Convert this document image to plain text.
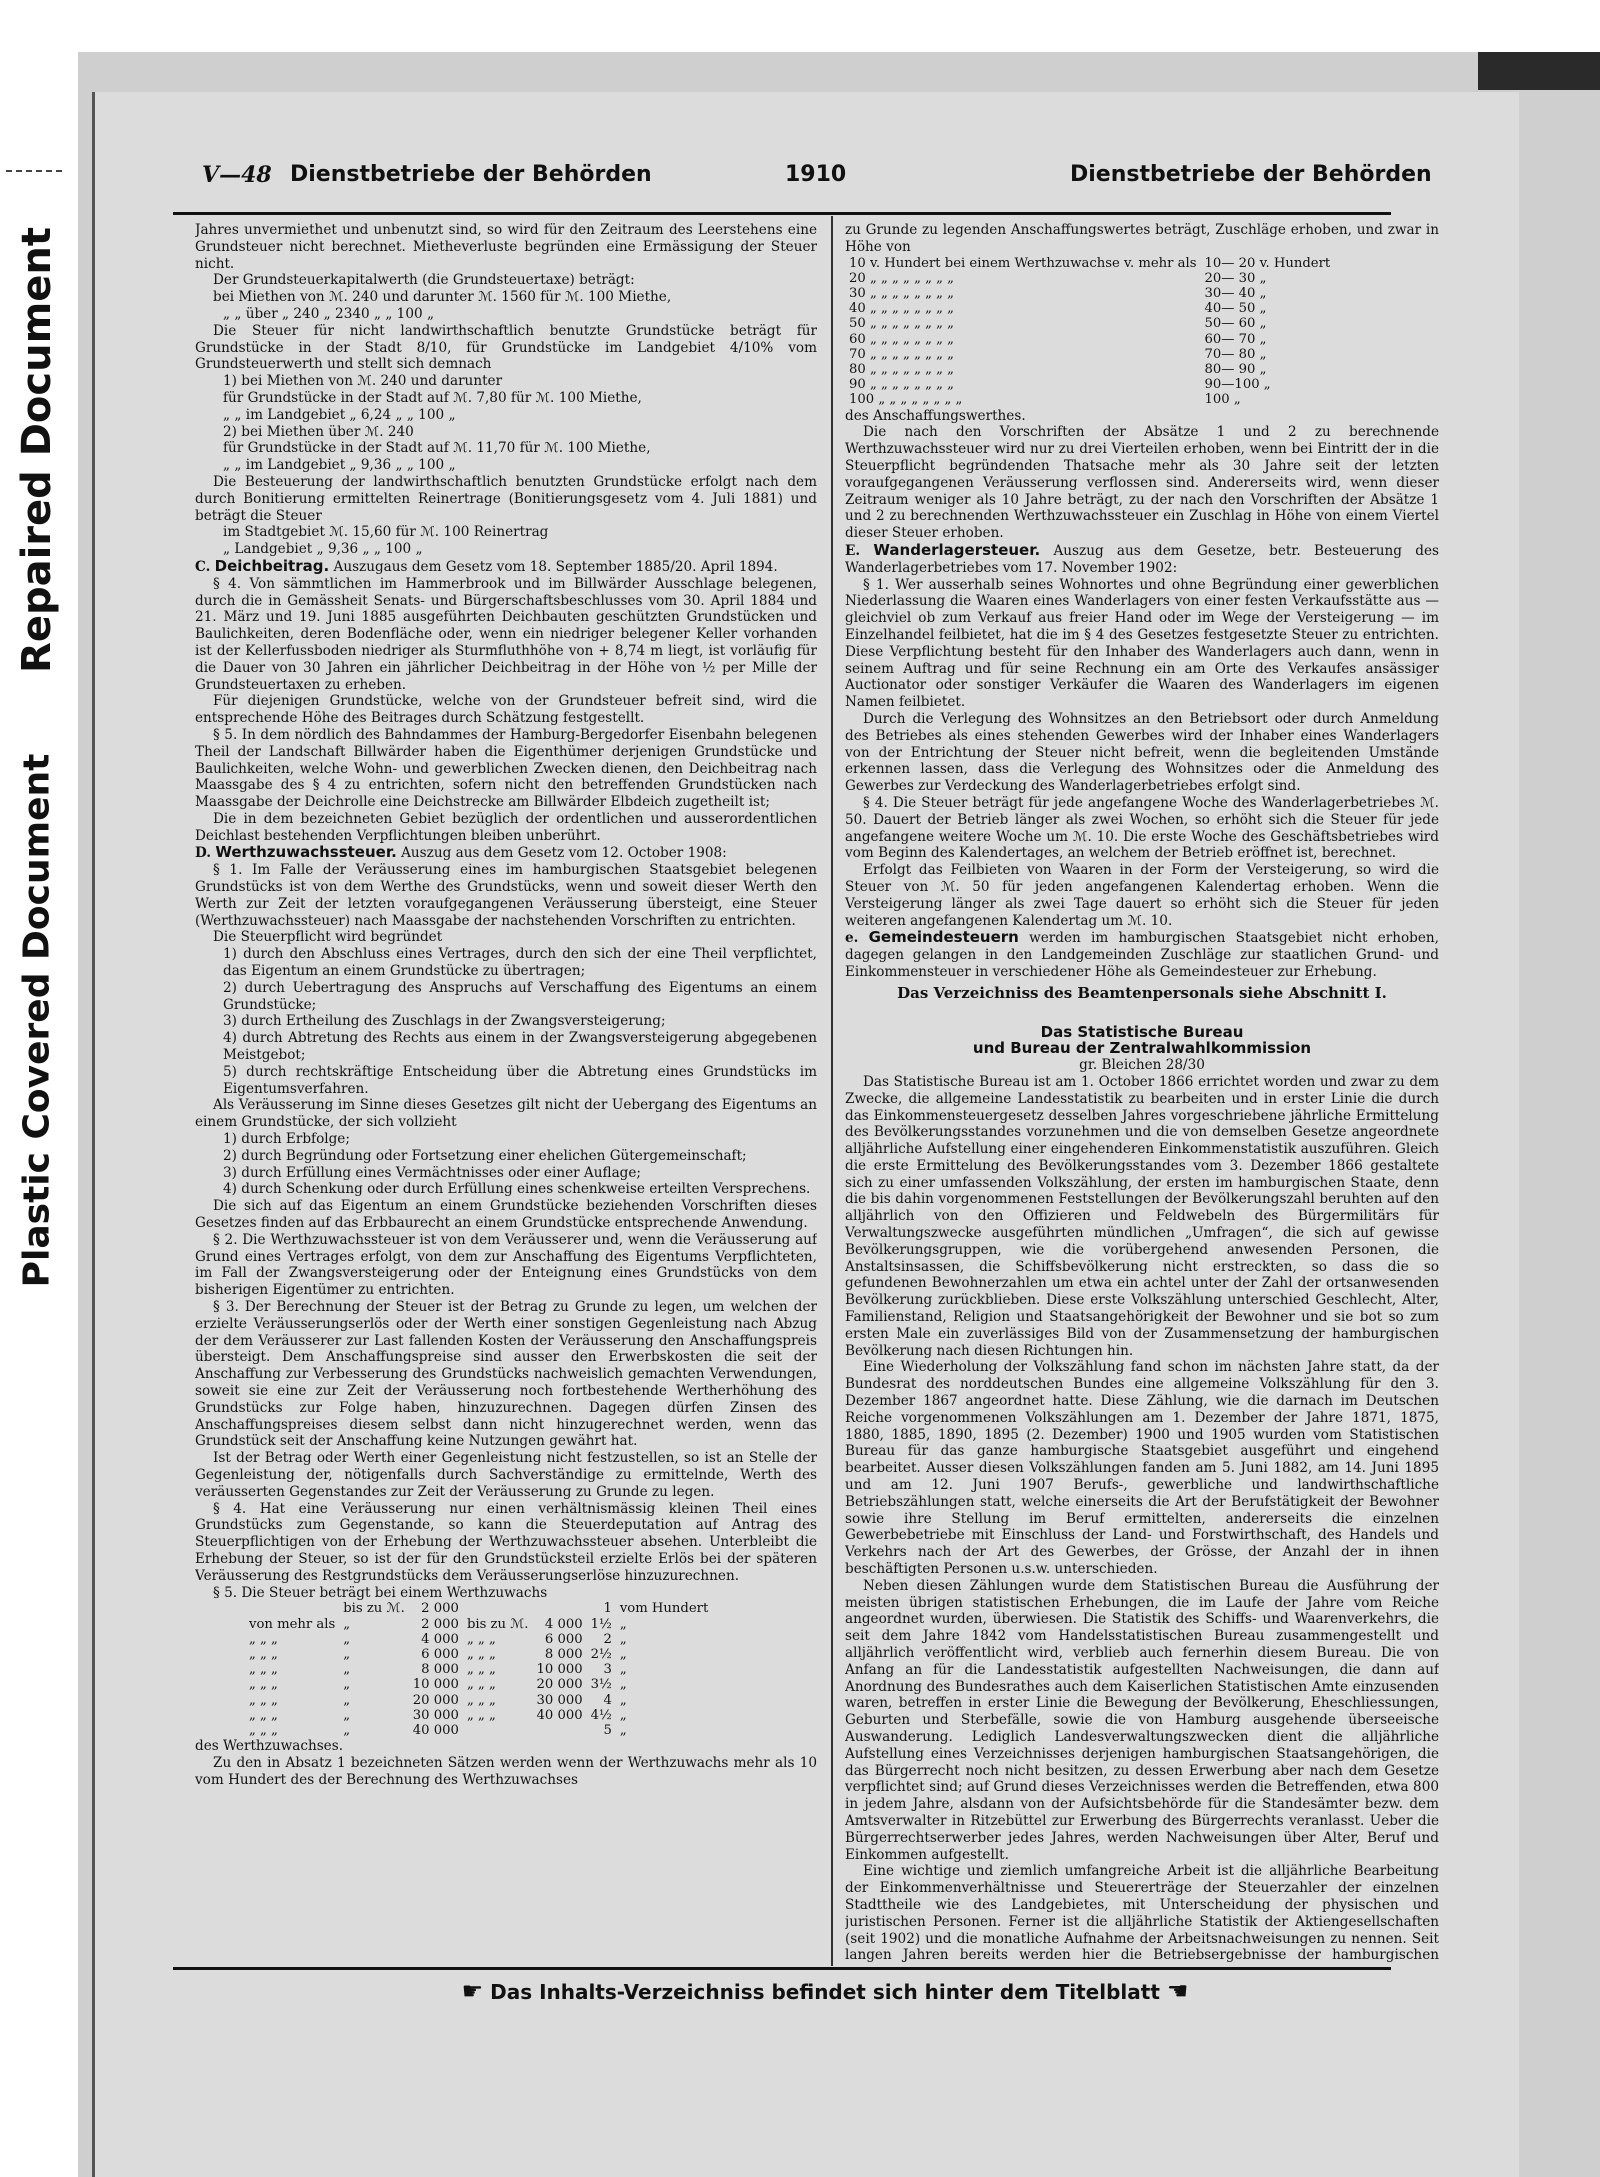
Repaired Document
Plastic Covered Document
V—48 Dienstbetriebe der Behörden	1910	Dienstbetriebe der Behörden

Jahres unvermiethet und unbenutzt sind, so wird für den Zeitraum des Leerstehens eine Grundsteuer nicht berechnet. Mietheverluste begründen eine Ermässigung der Steuer nicht.

Der Grundsteuerkapitalwerth (die Grundsteuertaxe) beträgt:

bei Miethen von ℳ. 240 und darunter ℳ. 1560 für ℳ. 100 Miethe,

„ „ über „ 240 „ 2340 „ „ 100 „

Die Steuer für nicht landwirthschaftlich benutzte Grundstücke beträgt für Grundstücke in der Stadt 8/10, für Grundstücke im Landgebiet 4/10% vom Grundsteuerwerth und stellt sich demnach

1) bei Miethen von ℳ. 240 und darunter

für Grundstücke in der Stadt auf ℳ. 7,80 für ℳ. 100 Miethe,

„ „ im Landgebiet „ 6,24 „ „ 100 „

2) bei Miethen über ℳ. 240

für Grundstücke in der Stadt auf ℳ. 11,70 für ℳ. 100 Miethe,

„ „ im Landgebiet „ 9,36 „ „ 100 „

Die Besteuerung der landwirthschaftlich benutzten Grundstücke erfolgt nach dem durch Bonitierung ermittelten Reinertrage (Bonitierungsgesetz vom 4. Juli 1881) und beträgt die Steuer

im Stadtgebiet ℳ. 15,60 für ℳ. 100 Reinertrag

„ Landgebiet „ 9,36 „ „ 100 „

C. Deichbeitrag. Auszugaus dem Gesetz vom 18. September 1885/20. April 1894.

§ 4. Von sämmtlichen im Hammerbrook und im Billwärder Ausschlage belegenen, durch die in Gemässheit Senats- und Bürgerschaftsbeschlusses vom 30. April 1884 und 21. März und 19. Juni 1885 ausgeführten Deichbauten geschützten Grundstücken und Baulichkeiten, deren Bodenfläche oder, wenn ein niedriger belegener Keller vorhanden ist der Kellerfussboden niedriger als Sturmfluthhöhe von + 8,74 m liegt, ist vorläufig für die Dauer von 30 Jahren ein jährlicher Deichbeitrag in der Höhe von ½ per Mille der Grundsteuertaxen zu erheben.

Für diejenigen Grundstücke, welche von der Grundsteuer befreit sind, wird die entsprechende Höhe des Beitrages durch Schätzung festgestellt.

§ 5. In dem nördlich des Bahndammes der Hamburg-Bergedorfer Eisenbahn belegenen Theil der Landschaft Billwärder haben die Eigenthümer derjenigen Grundstücke und Baulichkeiten, welche Wohn- und gewerblichen Zwecken dienen, den Deichbeitrag nach Maassgabe des § 4 zu entrichten, sofern nicht den betreffenden Grundstücken nach Maassgabe der Deichrolle eine Deichstrecke am Billwärder Elbdeich zugetheilt ist;

Die in dem bezeichneten Gebiet bezüglich der ordentlichen und ausserordentlichen Deichlast bestehenden Verpflichtungen bleiben unberührt.

D. Werthzuwachssteuer. Auszug aus dem Gesetz vom 12. October 1908:

§ 1. Im Falle der Veräusserung eines im hamburgischen Staatsgebiet belegenen Grundstücks ist von dem Werthe des Grundstücks, wenn und soweit dieser Werth den Werth zur Zeit der letzten voraufgegangenen Veräusserung übersteigt, eine Steuer (Werthzuwachssteuer) nach Maassgabe der nachstehenden Vorschriften zu entrichten.

Die Steuerpflicht wird begründet

1) durch den Abschluss eines Vertrages, durch den sich der eine Theil verpflichtet, das Eigentum an einem Grundstücke zu übertragen;

2) durch Uebertragung des Anspruchs auf Verschaffung des Eigentums an einem Grundstücke;

3) durch Ertheilung des Zuschlags in der Zwangsversteigerung;

4) durch Abtretung des Rechts aus einem in der Zwangsversteigerung abgegebenen Meistgebot;

5) durch rechtskräftige Entscheidung über die Abtretung eines Grundstücks im Eigentumsverfahren.

Als Veräusserung im Sinne dieses Gesetzes gilt nicht der Uebergang des Eigentums an einem Grundstücke, der sich vollzieht

1) durch Erbfolge;

2) durch Begründung oder Fortsetzung einer ehelichen Gütergemeinschaft;

3) durch Erfüllung eines Vermächtnisses oder einer Auflage;

4) durch Schenkung oder durch Erfüllung eines schenkweise erteilten Versprechens.

Die sich auf das Eigentum an einem Grundstücke beziehenden Vorschriften dieses Gesetzes finden auf das Erbbaurecht an einem Grundstücke entsprechende Anwendung.

§ 2. Die Werthzuwachssteuer ist von dem Veräusserer und, wenn die Veräusserung auf Grund eines Vertrages erfolgt, von dem zur Anschaffung des Eigentums Verpflichteten, im Fall der Zwangsversteigerung oder der Enteignung eines Grundstücks von dem bisherigen Eigentümer zu entrichten.

§ 3. Der Berechnung der Steuer ist der Betrag zu Grunde zu legen, um welchen der erzielte Veräusserungserlös oder der Werth einer sonstigen Gegenleistung nach Abzug der dem Veräusserer zur Last fallenden Kosten der Veräusserung den Anschaffungspreis übersteigt. Dem Anschaffungspreise sind ausser den Erwerbskosten die seit der Anschaffung zur Verbesserung des Grundstücks nachweislich gemachten Verwendungen, soweit sie eine zur Zeit der Veräusserung noch fortbestehende Wertherhöhung des Grundstücks zur Folge haben, hinzuzurechnen. Dagegen dürfen Zinsen des Anschaffungspreises diesem selbst dann nicht hinzugerechnet werden, wenn das Grundstück seit der Anschaffung keine Nutzungen gewährt hat.

Ist der Betrag oder Werth einer Gegenleistung nicht festzustellen, so ist an Stelle der Gegenleistung der, nötigenfalls durch Sachverständige zu ermittelnde, Werth des veräusserten Gegenstandes zur Zeit der Veräusserung zu Grunde zu legen.

§ 4. Hat eine Veräusserung nur einen verhältnismässig kleinen Theil eines Grundstücks zum Gegenstande, so kann die Steuerdeputation auf Antrag des Steuerpflichtigen von der Erhebung der Werthzuwachssteuer absehen. Unterbleibt die Erhebung der Steuer, so ist der für den Grundstücksteil erzielte Erlös bei der späteren Veräusserung des Restgrundstücks dem Veräusserungserlöse hinzuzurechnen.

§ 5. Die Steuer beträgt bei einem Werthzuwachs

	bis zu ℳ.	2 000			1	vom Hundert
von mehr als	„	2 000	bis zu ℳ.	4 000	1½	„
„ „ „	„	4 000	„ „ „	6 000	2	„
„ „ „	„	6 000	„ „ „	8 000	2½	„
„ „ „	„	8 000	„ „ „	10 000	3	„
„ „ „	„	10 000	„ „ „	20 000	3½	„
„ „ „	„	20 000	„ „ „	30 000	4	„
„ „ „	„	30 000	„ „ „	40 000	4½	„
„ „ „	„	40 000			5	„

des Werthzuwachses.

Zu den in Absatz 1 bezeichneten Sätzen werden wenn der Werthzuwachs mehr als 10 vom Hundert des der Berechnung des Werthzuwachses

zu Grunde zu legenden Anschaffungswertes beträgt, Zuschläge erhoben, und zwar in Höhe von

10 v. Hundert bei einem Werthzuwachse v. mehr als	10— 20 v. Hundert
20 „ „ „ „ „ „ „ „	20— 30 „
30 „ „ „ „ „ „ „ „	30— 40 „
40 „ „ „ „ „ „ „ „	40— 50 „
50 „ „ „ „ „ „ „ „	50— 60 „
60 „ „ „ „ „ „ „ „	60— 70 „
70 „ „ „ „ „ „ „ „	70— 80 „
80 „ „ „ „ „ „ „ „	80— 90 „
90 „ „ „ „ „ „ „ „	90—100 „
100 „ „ „ „ „ „ „ „	100 „

des Anschaffungswerthes.

Die nach den Vorschriften der Absätze 1 und 2 zu berechnende Werthzuwachssteuer wird nur zu drei Vierteilen erhoben, wenn bei Eintritt der in die Steuerpflicht begründenden Thatsache mehr als 30 Jahre seit der letzten voraufgegangenen Veräusserung verflossen sind. Andererseits wird, wenn dieser Zeitraum weniger als 10 Jahre beträgt, zu der nach den Vorschriften der Absätze 1 und 2 zu berechnenden Werthzuwachssteuer ein Zuschlag in Höhe von einem Viertel dieser Steuer erhoben.

E. Wanderlagersteuer. Auszug aus dem Gesetze, betr. Besteuerung des Wanderlagerbetriebes vom 17. November 1902:

§ 1. Wer ausserhalb seines Wohnortes und ohne Begründung einer gewerblichen Niederlassung die Waaren eines Wanderlagers von einer festen Verkaufsstätte aus — gleichviel ob zum Verkauf aus freier Hand oder im Wege der Versteigerung — im Einzelhandel feilbietet, hat die im § 4 des Gesetzes festgesetzte Steuer zu entrichten. Diese Verpflichtung besteht für den Inhaber des Wanderlagers auch dann, wenn in seinem Auftrag und für seine Rechnung ein am Orte des Verkaufes ansässiger Auctionator oder sonstiger Verkäufer die Waaren des Wanderlagers im eigenen Namen feilbietet.

Durch die Verlegung des Wohnsitzes an den Betriebsort oder durch Anmeldung des Betriebes als eines stehenden Gewerbes wird der Inhaber eines Wanderlagers von der Entrichtung der Steuer nicht befreit, wenn die begleitenden Umstände erkennen lassen, dass die Verlegung des Wohnsitzes oder die Anmeldung des Gewerbes zur Verdeckung des Wanderlagerbetriebes erfolgt sind.

§ 4. Die Steuer beträgt für jede angefangene Woche des Wanderlagerbetriebes ℳ. 50. Dauert der Betrieb länger als zwei Wochen, so erhöht sich die Steuer für jede angefangene weitere Woche um ℳ. 10. Die erste Woche des Geschäftsbetriebes wird vom Beginn des Kalendertages, an welchem der Betrieb eröffnet ist, berechnet.

Erfolgt das Feilbieten von Waaren in der Form der Versteigerung, so wird die Steuer von ℳ. 50 für jeden angefangenen Kalendertag erhoben. Wenn die Versteigerung länger als zwei Tage dauert so erhöht sich die Steuer für jeden weiteren angefangenen Kalendertag um ℳ. 10.

e. Gemeindesteuern werden im hamburgischen Staatsgebiet nicht erhoben, dagegen gelangen in den Landgemeinden Zuschläge zur staatlichen Grund- und Einkommensteuer in verschiedener Höhe als Gemeindesteuer zur Erhebung.

Das Verzeichniss des Beamtenpersonals siehe Abschnitt I.

Das Statistische Bureau
und Bureau der Zentralwahlkommission

gr. Bleichen 28/30

Das Statistische Bureau ist am 1. October 1866 errichtet worden und zwar zu dem Zwecke, die allgemeine Landesstatistik zu bearbeiten und in erster Linie die durch das Einkommensteuergesetz desselben Jahres vorgeschriebene jährliche Ermittelung des Bevölkerungsstandes vorzunehmen und die von demselben Gesetze angeordnete alljährliche Aufstellung einer eingehenderen Einkommenstatistik auszuführen. Gleich die erste Ermittelung des Bevölkerungsstandes vom 3. Dezember 1866 gestaltete sich zu einer umfassenden Volkszählung, der ersten im hamburgischen Staate, denn die bis dahin vorgenommenen Feststellungen der Bevölkerungszahl beruhten auf den alljährlich von den Offizieren und Feldwebeln des Bürgermilitärs für Verwaltungszwecke ausgeführten mündlichen „Umfragen“, die sich auf gewisse Bevölkerungsgruppen, wie die vorübergehend anwesenden Personen, die Anstaltsinsassen, die Schiffsbevölkerung nicht erstreckten, so dass die so gefundenen Bewohnerzahlen um etwa ein achtel unter der Zahl der ortsanwesenden Bevölkerung zurückblieben. Diese erste Volkszählung unterschied Geschlecht, Alter, Familienstand, Religion und Staatsangehörigkeit der Bewohner und sie bot so zum ersten Male ein zuverlässiges Bild von der Zusammensetzung der hamburgischen Bevölkerung nach diesen Richtungen hin.

Eine Wiederholung der Volkszählung fand schon im nächsten Jahre statt, da der Bundesrat des norddeutschen Bundes eine allgemeine Volkszählung für den 3. Dezember 1867 angeordnet hatte. Diese Zählung, wie die darnach im Deutschen Reiche vorgenommenen Volkszählungen am 1. Dezember der Jahre 1871, 1875, 1880, 1885, 1890, 1895 (2. Dezember) 1900 und 1905 wurden vom Statistischen Bureau für das ganze hamburgische Staatsgebiet ausgeführt und eingehend bearbeitet. Ausser diesen Volkszählungen fanden am 5. Juni 1882, am 14. Juni 1895 und am 12. Juni 1907 Berufs-, gewerbliche und landwirthschaftliche Betriebszählungen statt, welche einerseits die Art der Berufstätigkeit der Bewohner sowie ihre Stellung im Beruf ermittelten, andererseits die einzelnen Gewerbebetriebe mit Einschluss der Land- und Forstwirthschaft, des Handels und Verkehrs nach der Art des Gewerbes, der Grösse, der Anzahl der in ihnen beschäftigten Personen u.s.w. unterschieden.

Neben diesen Zählungen wurde dem Statistischen Bureau die Ausführung der meisten übrigen statistischen Erhebungen, die im Laufe der Jahre vom Reiche angeordnet wurden, überwiesen. Die Statistik des Schiffs- und Waarenverkehrs, die seit dem Jahre 1842 vom Handelsstatistischen Bureau zusammengestellt und alljährlich veröffentlicht wird, verblieb auch fernerhin diesem Bureau. Die von Anfang an für die Landesstatistik aufgestellten Nachweisungen, die dann auf Anordnung des Bundesrathes auch dem Kaiserlichen Statistischen Amte einzusenden waren, betreffen in erster Linie die Bewegung der Bevölkerung, Eheschliessungen, Geburten und Sterbefälle, sowie die von Hamburg ausgehende überseeische Auswanderung. Lediglich Landesverwaltungszwecken dient die alljährliche Aufstellung eines Verzeichnisses derjenigen hamburgischen Staatsangehörigen, die das Bürgerrecht noch nicht besitzen, zu dessen Erwerbung aber nach dem Gesetze verpflichtet sind; auf Grund dieses Verzeichnisses werden die Betreffenden, etwa 800 in jedem Jahre, alsdann von der Aufsichtsbehörde für die Standesämter bezw. dem Amtsverwalter in Ritzebüttel zur Erwerbung des Bürgerrechts veranlasst. Ueber die Bürgerrechtserwerber jedes Jahres, werden Nachweisungen über Alter, Beruf und Einkommen aufgestellt.

Eine wichtige und ziemlich umfangreiche Arbeit ist die alljährliche Bearbeitung der Einkommenverhältnisse und Steuererträge der Steuerzahler der einzelnen Stadttheile wie des Landgebietes, mit Unterscheidung der physischen und juristischen Personen. Ferner ist die alljährliche Statistik der Aktiengesellschaften (seit 1902) und die monatliche Aufnahme der Arbeitsnachweisungen zu nennen. Seit langen Jahren bereits werden hier die Betriebsergebnisse der hamburgischen

☛ Das Inhalts-Verzeichniss befindet sich hinter dem Titelblatt ☚
